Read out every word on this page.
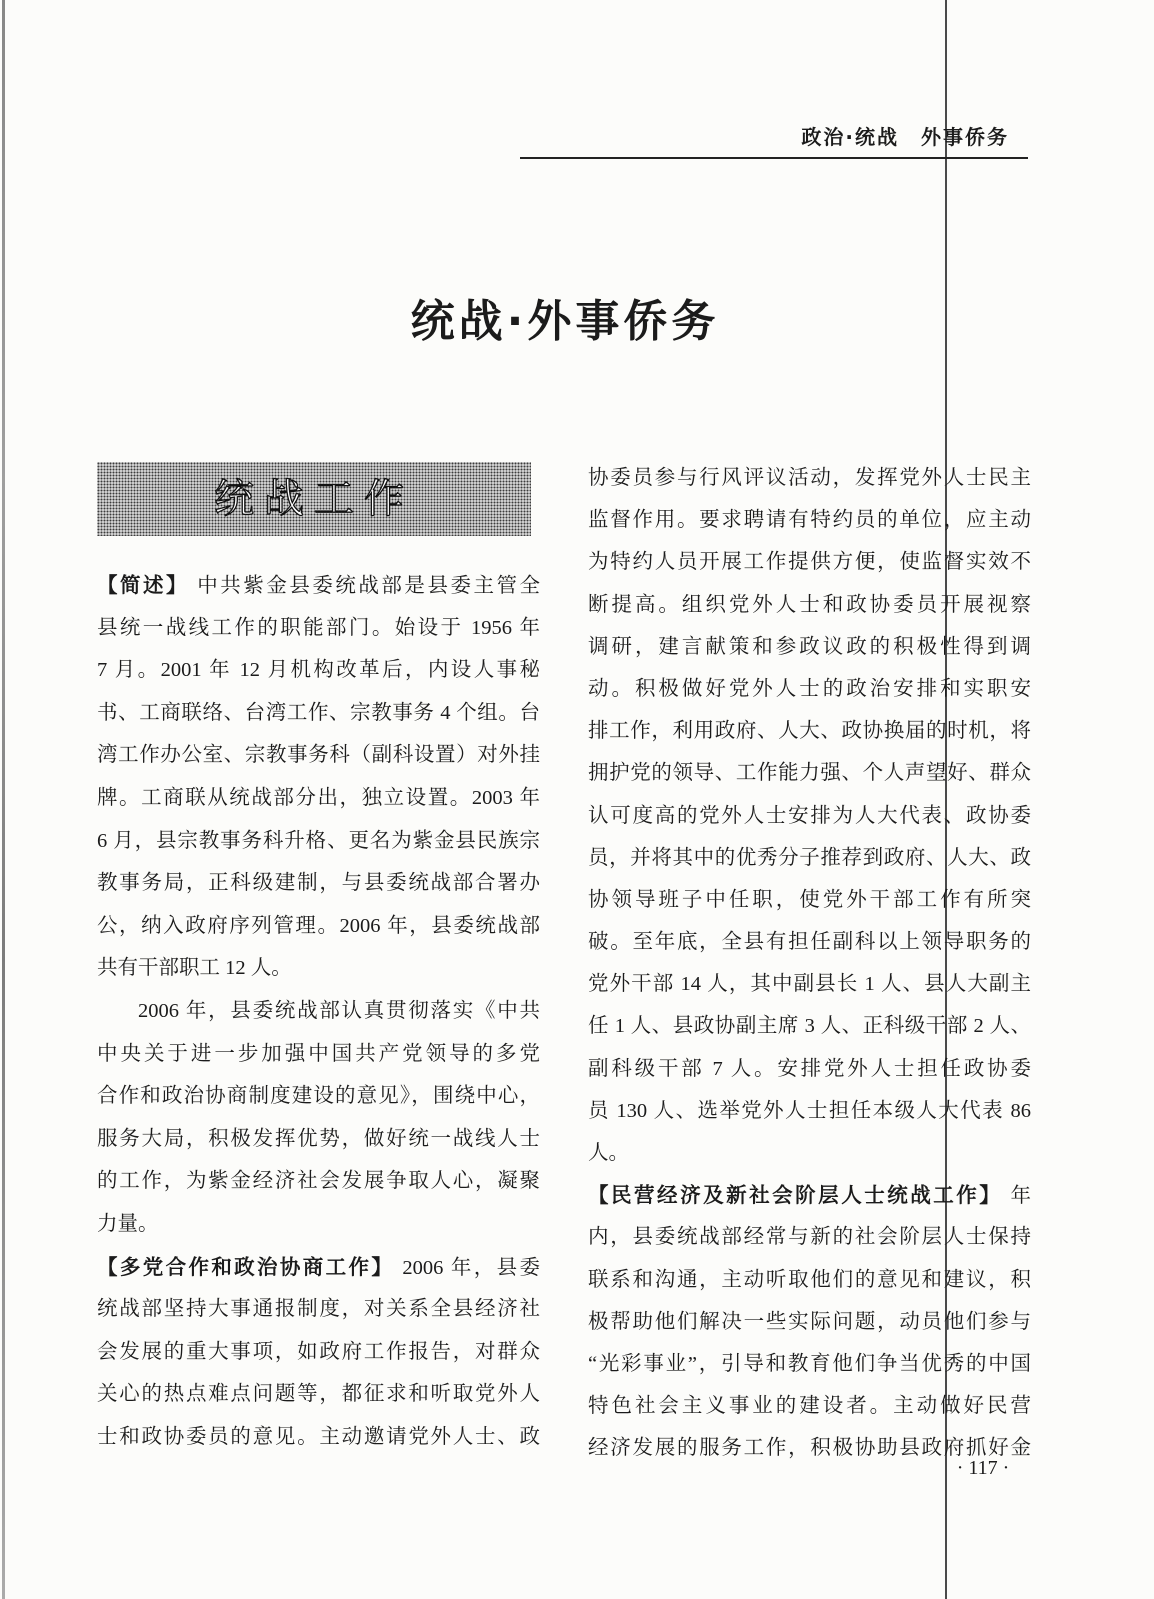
政治·统战 外事侨务
统战·外事侨务
统战工作
【简述】 中共紫金县委统战部是县委主管全
县统一战线工作的职能部门。始设于 1956 年
7 月。2001 年 12 月机构改革后，内设人事秘
书、工商联络、台湾工作、宗教事务 4 个组。台
湾工作办公室、宗教事务科（副科设置）对外挂
牌。工商联从统战部分出，独立设置。2003 年
6 月，县宗教事务科升格、更名为紫金县民族宗
教事务局，正科级建制，与县委统战部合署办
公，纳入政府序列管理。2006 年，县委统战部
共有干部职工 12 人。
2006 年，县委统战部认真贯彻落实《中共
中央关于进一步加强中国共产党领导的多党
合作和政治协商制度建设的意见》，围绕中心，
服务大局，积极发挥优势，做好统一战线人士
的工作，为紫金经济社会发展争取人心，凝聚
力量。
【多党合作和政治协商工作】 2006 年，县委
统战部坚持大事通报制度，对关系全县经济社
会发展的重大事项，如政府工作报告，对群众
关心的热点难点问题等，都征求和听取党外人
士和政协委员的意见。主动邀请党外人士、政
协委员参与行风评议活动，发挥党外人士民主
监督作用。要求聘请有特约员的单位，应主动
为特约人员开展工作提供方便，使监督实效不
断提高。组织党外人士和政协委员开展视察
调研，建言献策和参政议政的积极性得到调
动。积极做好党外人士的政治安排和实职安
排工作，利用政府、人大、政协换届的时机，将
拥护党的领导、工作能力强、个人声望好、群众
认可度高的党外人士安排为人大代表、政协委
员，并将其中的优秀分子推荐到政府、人大、政
协领导班子中任职，使党外干部工作有所突
破。至年底，全县有担任副科以上领导职务的
党外干部 14 人，其中副县长 1 人、县人大副主
任 1 人、县政协副主席 3 人、正科级干部 2 人、
副科级干部 7 人。安排党外人士担任政协委
员 130 人、选举党外人士担任本级人大代表 86
人。
【民营经济及新社会阶层人士统战工作】 年
内，县委统战部经常与新的社会阶层人士保持
联系和沟通，主动听取他们的意见和建议，积
极帮助他们解决一些实际问题，动员他们参与
“光彩事业”，引导和教育他们争当优秀的中国
特色社会主义事业的建设者。主动做好民营
经济发展的服务工作，积极协助县政府抓好金
· 117 ·
